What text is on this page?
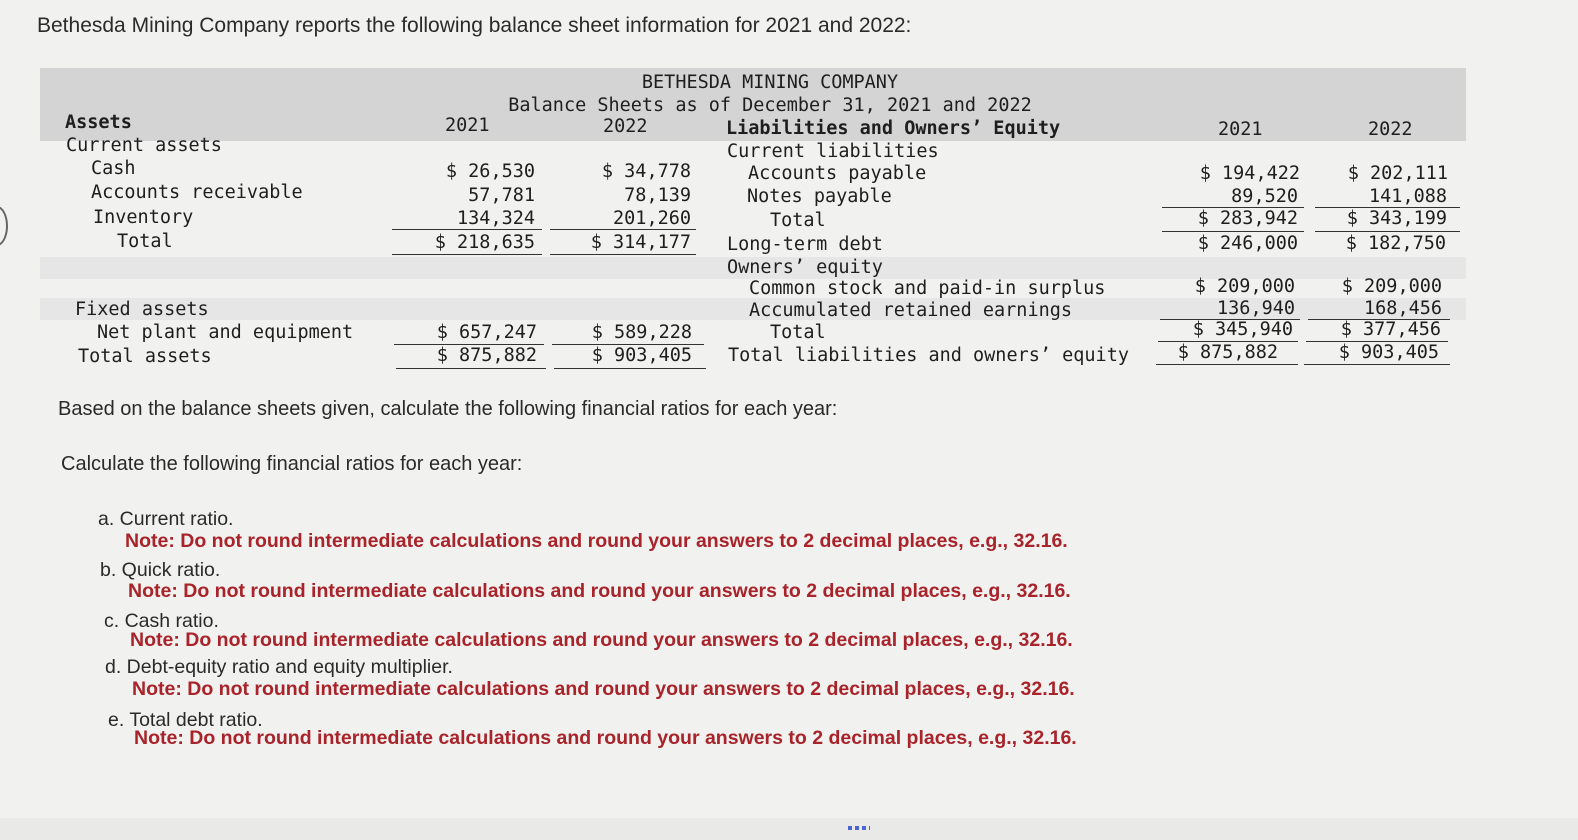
Bethesda Mining Company reports the following balance sheet information for 2021 and 2022:
BETHESDA MINING COMPANY
Balance Sheets as of December 31, 2021 and 2022
Assets	2021	2022	Liabilities and Owners’ Equity	2021	2022
Current assets
Cash	$ 26,530	$ 34,778
Accounts receivable	57,781	78,139
Inventory	134,324	201,260
Total	$ 218,635	$ 314,177
Fixed assets
Net plant and equipment	$ 657,247	$ 589,228
Total assets	$ 875,882	$ 903,405
Current liabilities
Accounts payable	$ 194,422	$ 202,111
Notes payable	89,520	141,088
Total	$ 283,942	$ 343,199
Long-term debt	$ 246,000	$ 182,750
Owners’ equity
Common stock and paid-in surplus	$ 209,000	$ 209,000
Accumulated retained earnings	136,940	168,456
Total	$ 345,940	$ 377,456
Total liabilities and owners’ equity	$ 875,882	$ 903,405
Based on the balance sheets given, calculate the following financial ratios for each year:
Calculate the following financial ratios for each year:
a. Current ratio.
Note: Do not round intermediate calculations and round your answers to 2 decimal places, e.g., 32.16.
b. Quick ratio.
Note: Do not round intermediate calculations and round your answers to 2 decimal places, e.g., 32.16.
c. Cash ratio.
Note: Do not round intermediate calculations and round your answers to 2 decimal places, e.g., 32.16.
d. Debt-equity ratio and equity multiplier.
Note: Do not round intermediate calculations and round your answers to 2 decimal places, e.g., 32.16.
e. Total debt ratio.
Note: Do not round intermediate calculations and round your answers to 2 decimal places, e.g., 32.16.
